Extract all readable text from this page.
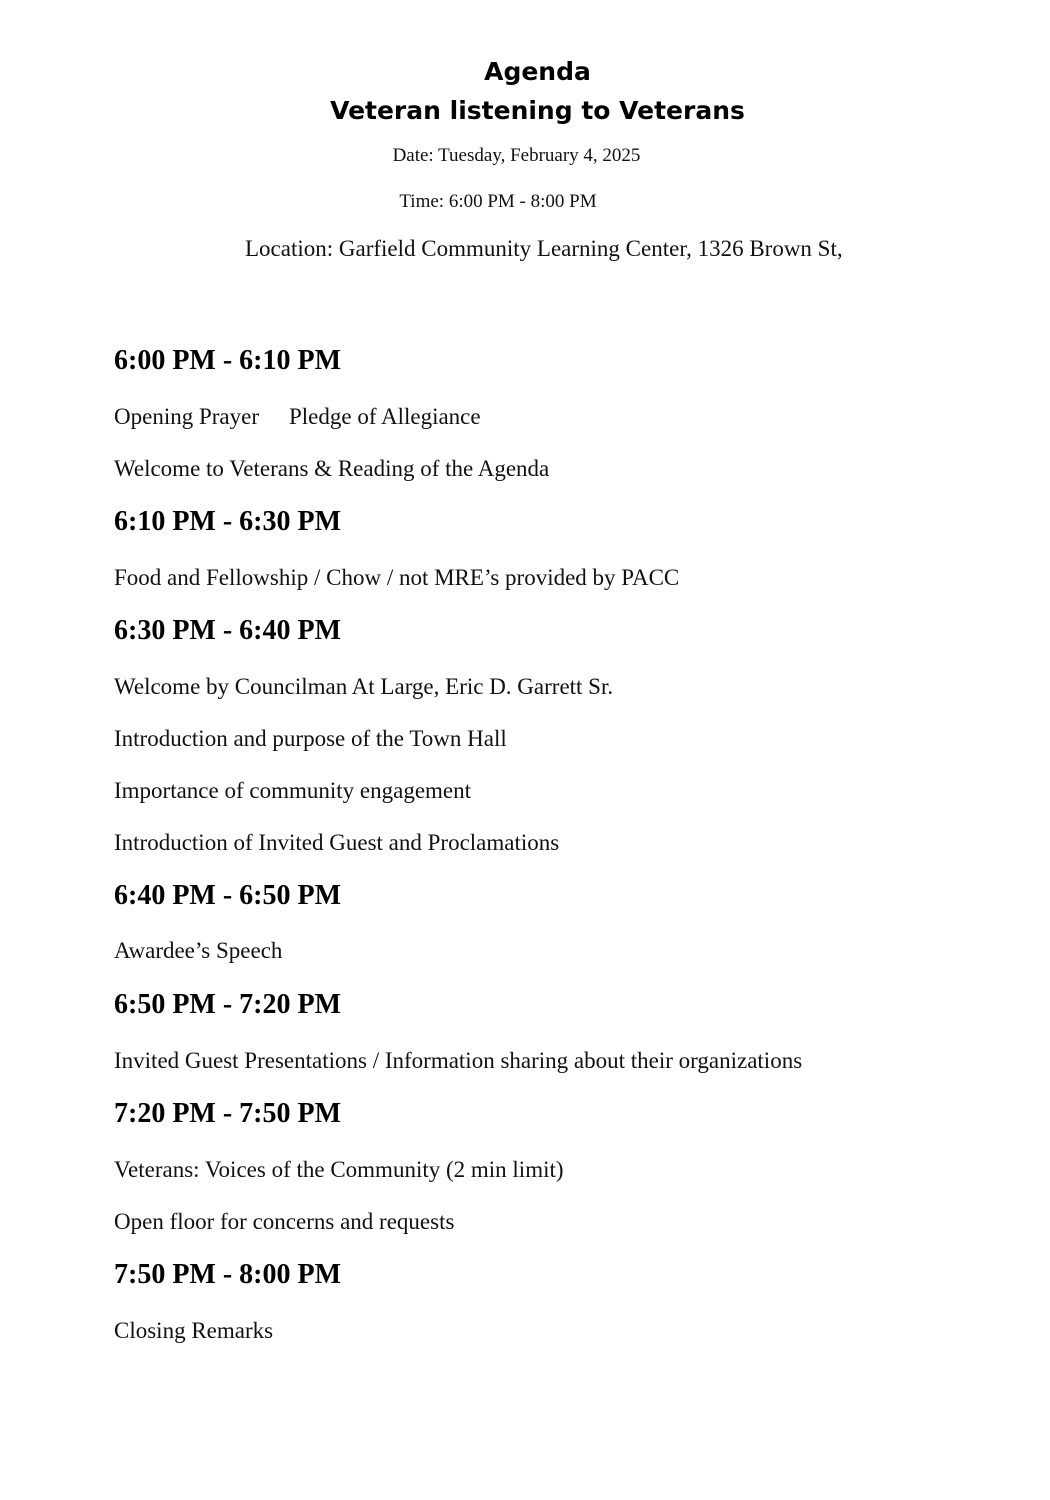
Agenda
Veteran listening to Veterans
Date: Tuesday, February 4, 2025
Time: 6:00 PM - 8:00 PM
Location: Garfield Community Learning Center, 1326 Brown St,
6:00 PM - 6:10 PM
Opening Prayer Pledge of Allegiance
Welcome to Veterans & Reading of the Agenda
6:10 PM - 6:30 PM
Food and Fellowship / Chow / not MRE’s provided by PACC
6:30 PM - 6:40 PM
Welcome by Councilman At Large, Eric D. Garrett Sr.
Introduction and purpose of the Town Hall
Importance of community engagement
Introduction of Invited Guest and Proclamations
6:40 PM - 6:50 PM
Awardee’s Speech
6:50 PM - 7:20 PM
Invited Guest Presentations / Information sharing about their organizations
7:20 PM - 7:50 PM
Veterans: Voices of the Community (2 min limit)
Open floor for concerns and requests
7:50 PM - 8:00 PM
Closing Remarks
